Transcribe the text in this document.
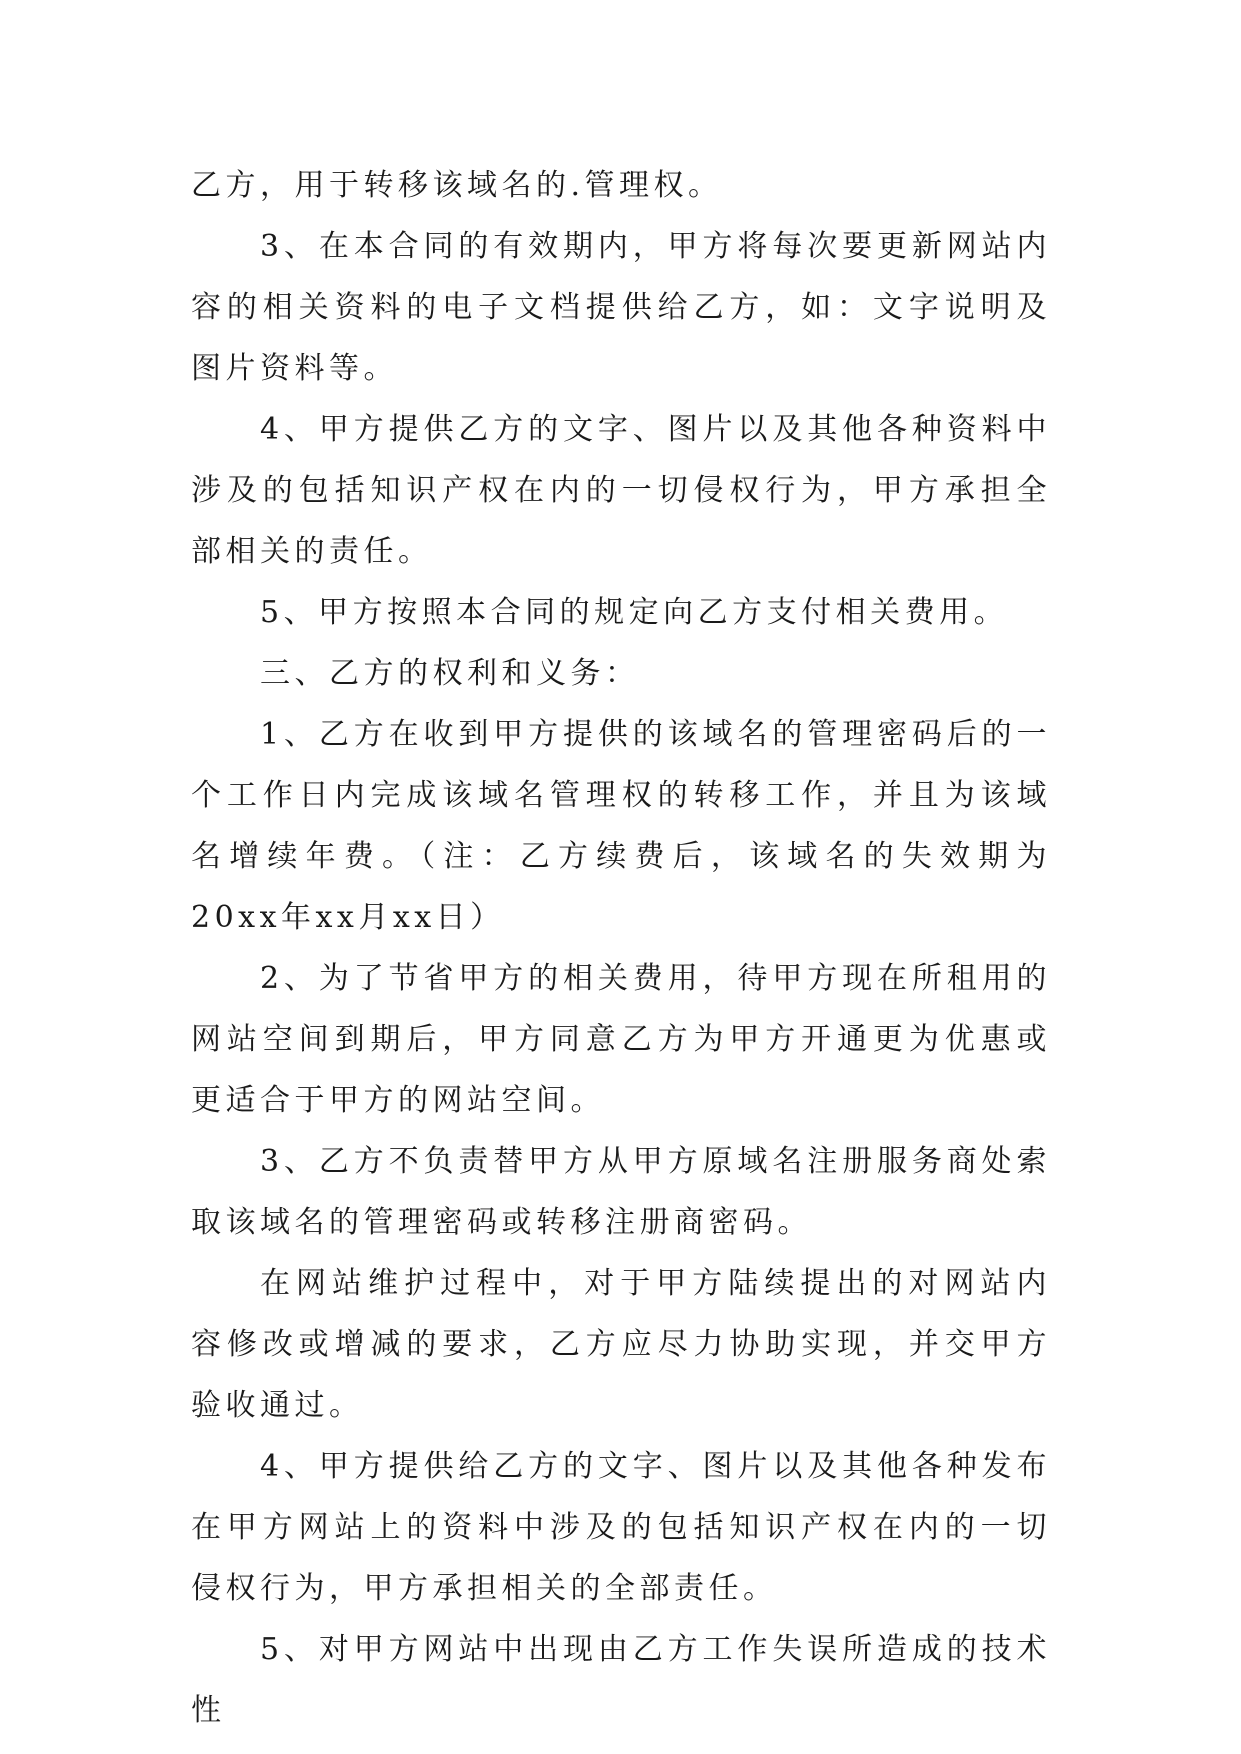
乙方，用于转移该域名的.管理权。

3、在本合同的有效期内，甲方将每次要更新网站内容的相关资料的电子文档提供给乙方，如：文字说明及图片资料等。

4、甲方提供乙方的文字、图片以及其他各种资料中涉及的包括知识产权在内的一切侵权行为，甲方承担全部相关的责任。

5、甲方按照本合同的规定向乙方支付相关费用。

三、乙方的权利和义务：

1、乙方在收到甲方提供的该域名的管理密码后的一个工作日内完成该域名管理权的转移工作，并且为该域名增续年费。（注：乙方续费后，该域名的失效期为20xx年xx月xx日）

2、为了节省甲方的相关费用，待甲方现在所租用的网站空间到期后，甲方同意乙方为甲方开通更为优惠或更适合于甲方的网站空间。

3、乙方不负责替甲方从甲方原域名注册服务商处索取该域名的管理密码或转移注册商密码。

在网站维护过程中，对于甲方陆续提出的对网站内容修改或增减的要求，乙方应尽力协助实现，并交甲方验收通过。

4、甲方提供给乙方的文字、图片以及其他各种发布在甲方网站上的资料中涉及的包括知识产权在内的一切侵权行为，甲方承担相关的全部责任。

5、对甲方网站中出现由乙方工作失误所造成的技术性
